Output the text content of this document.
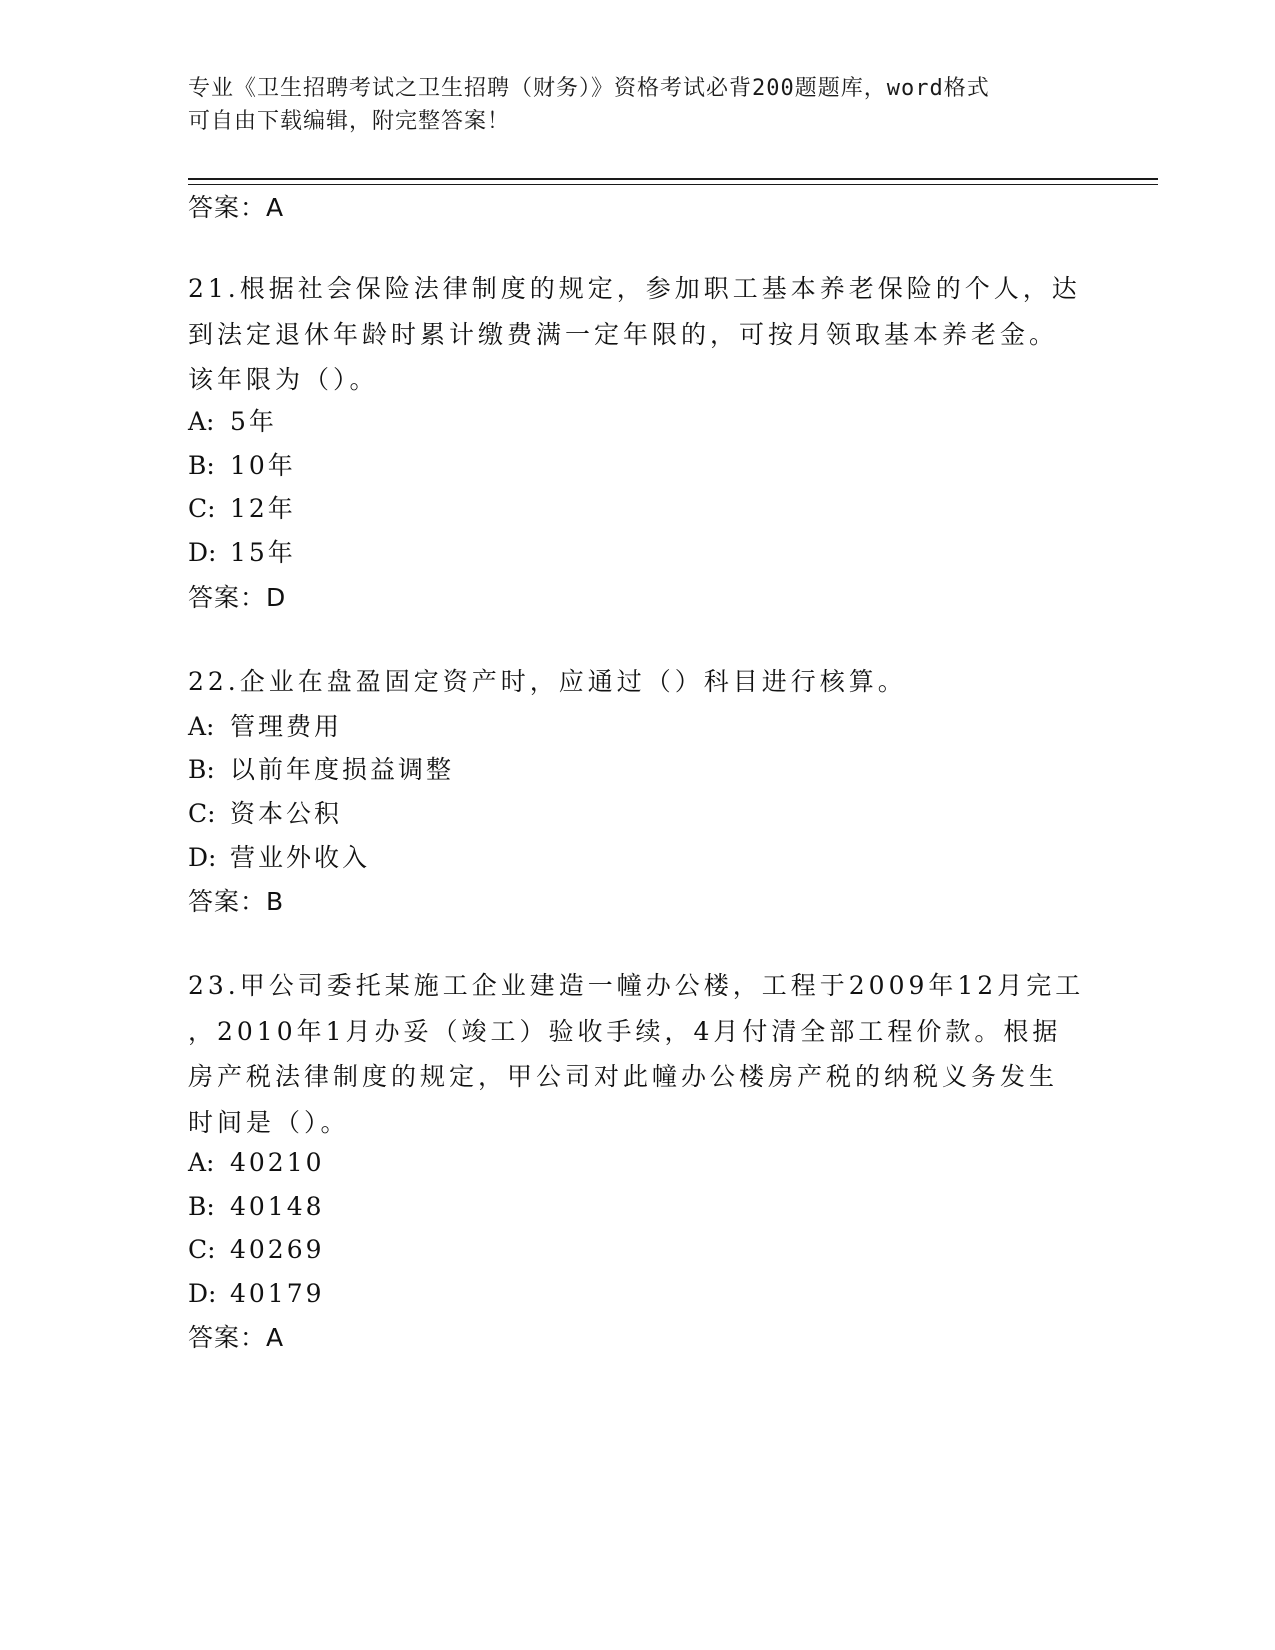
专业《卫生招聘考试之卫生招聘（财务）》资格考试必背200题题库，word格式
可自由下载编辑，附完整答案！
答案：A
21.根据社会保险法律制度的规定，参加职工基本养老保险的个人，达
到法定退休年龄时累计缴费满一定年限的，可按月领取基本养老金。
该年限为（）。
A: 5年
B: 10年
C: 12年
D: 15年
答案：D
22.企业在盘盈固定资产时，应通过（）科目进行核算。
A: 管理费用
B: 以前年度损益调整
C: 资本公积
D: 营业外收入
答案：B
23.甲公司委托某施工企业建造一幢办公楼，工程于2009年12月完工
，2010年1月办妥（竣工）验收手续，4月付清全部工程价款。根据
房产税法律制度的规定，甲公司对此幢办公楼房产税的纳税义务发生
时间是（）。
A: 40210
B: 40148
C: 40269
D: 40179
答案：A
